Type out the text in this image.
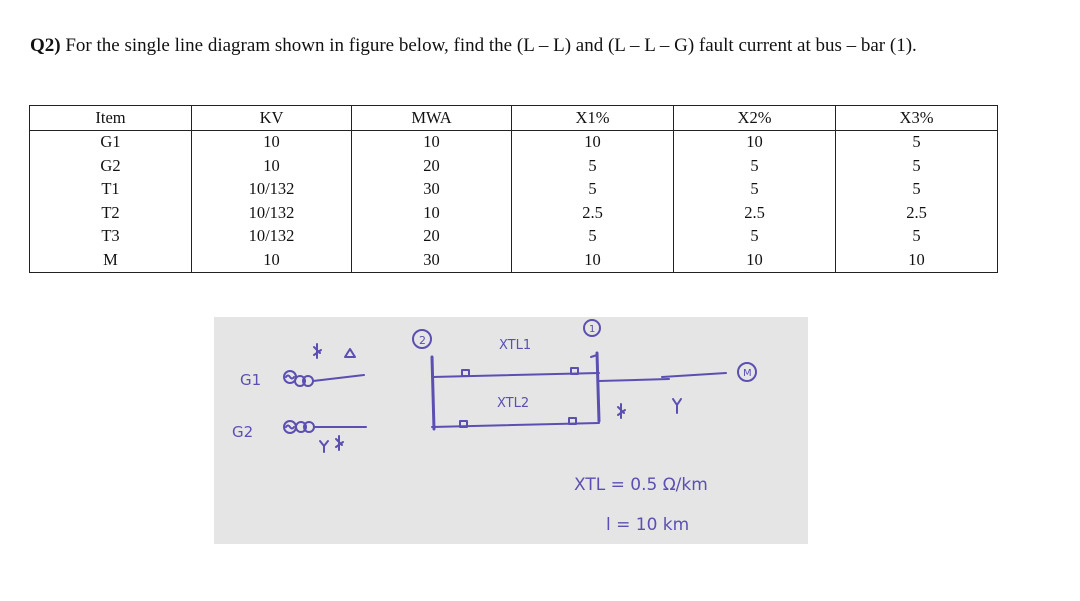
Q2) For the single line diagram shown in figure below, find the (L – L) and (L – L – G) fault current at bus – bar (1).

Item	KV	MWA	X1%	X2%	X3%
G1	10	10	10	10	5
G2	10	20	5	5	5
T1	10/132	30	5	5	5
T2	10/132	10	2.5	2.5	2.5
T3	10/132	20	5	5	5
M	10	30	10	10	10
G1
G2
2
1
XTL1
XTL2
M
XTL = 0.5 Ω/km
l = 10 km
